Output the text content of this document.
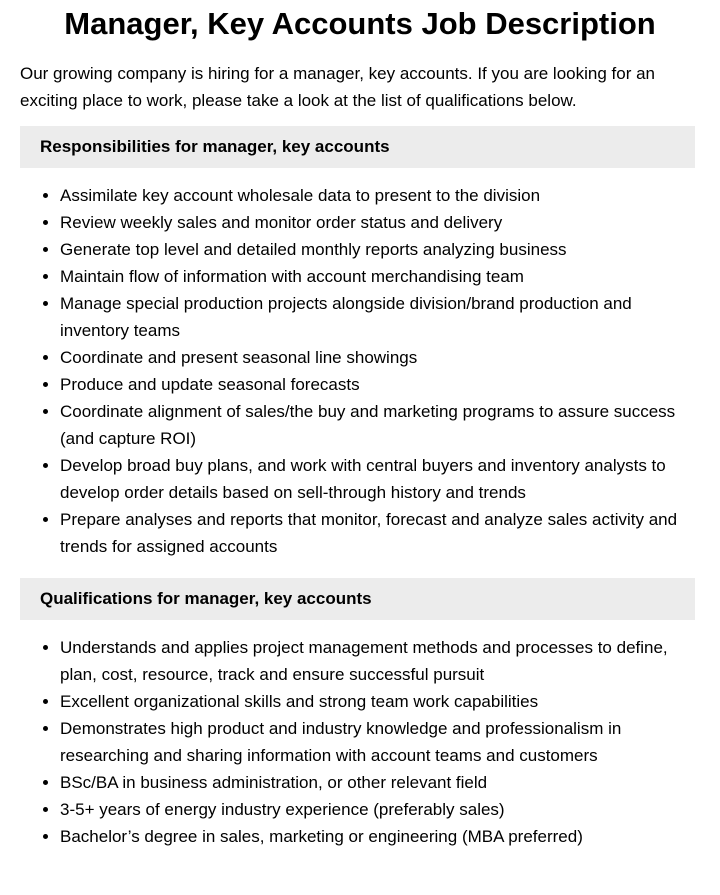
Manager, Key Accounts Job Description

Our growing company is hiring for a manager, key accounts. If you are looking for an exciting place to work, please take a look at the list of qualifications below.

Responsibilities for manager, key accounts
• Assimilate key account wholesale data to present to the division
• Review weekly sales and monitor order status and delivery
• Generate top level and detailed monthly reports analyzing business
• Maintain flow of information with account merchandising team
• Manage special production projects alongside division/brand production and inventory teams
• Coordinate and present seasonal line showings
• Produce and update seasonal forecasts
• Coordinate alignment of sales/the buy and marketing programs to assure success (and capture ROI)
• Develop broad buy plans, and work with central buyers and inventory analysts to develop order details based on sell-through history and trends
• Prepare analyses and reports that monitor, forecast and analyze sales activity and trends for assigned accounts
Qualifications for manager, key accounts
• Understands and applies project management methods and processes to define, plan, cost, resource, track and ensure successful pursuit
• Excellent organizational skills and strong team work capabilities
• Demonstrates high product and industry knowledge and professionalism in researching and sharing information with account teams and customers
• BSc/BA in business administration, or other relevant field
• 3-5+ years of energy industry experience (preferably sales)
• Bachelor’s degree in sales, marketing or engineering (MBA preferred)
